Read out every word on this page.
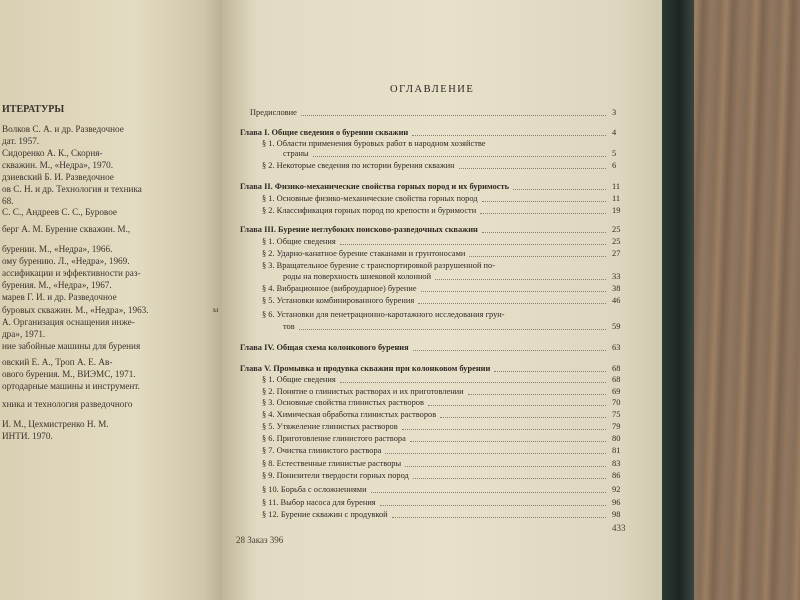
ИТЕРАТУРЫ
Волков С. А. и др. Разведочное
дат. 1957.
Сидоренко А. К., Скорня-
скважин. М., «Недра», 1970.
дзиевский Б. И. Разведочное
ов С. Н. и др. Технология и техника
68.
С. С., Андреев С. С., Буровое
берг А. М. Бурение скважин. М.,
бурении. М., «Недра», 1966.
ому бурению. Л., «Недра», 1969.
ассификации и эффективности раз-
бурения. М., «Недра», 1967.
марев Г. И. и др. Разведочное
буровых скважин. М., «Недра», 1963.
А. Организация оснащения инже-
дра», 1971.
ние забойные машины для бурения
овский Е. А., Троп А. Е. Ав-
ового бурения. М., ВИЭМС, 1971.
ортодарные машины и инструмент.
хника и технология разведочного
И. М., Цехмистренко Н. М.
ИНТИ. 1970.
ы
ОГЛАВЛЕНИЕ
Предисловие	3
Глава I. Общие сведения о бурении скважин	4
§ 1. Области применения буровых работ в народном хозяйстве
страны	5
§ 2. Некоторые сведения по истории бурения скважин	6
Глава II. Физико-механические свойства горных пород и их буримость	11
§ 1. Основные физико-механические свойства горных пород	11
§ 2. Классификация горных пород по крепости и буримости	19
Глава III. Бурение неглубоких поисково-разведочных скважин	25
§ 1. Общие сведения	25
§ 2. Ударно-канатное бурение стаканами и грунтоносами	27
§ 3. Вращательное бурение с транспортировкой разрушенной по-
роды на поверхность шнековой колонной	33
§ 4. Вибрационное (виброударное) бурение	38
§ 5. Установки комбинированного бурения	46
§ 6. Установки для пенетрационно-каротажного исследования грун-
тов	59
Глава IV. Общая схема колонкового бурения	63
Глава V. Промывка и продувка скважин при колонковом бурении	68
§ 1. Общие сведения	68
§ 2. Понятие о глинистых растворах и их приготовлении	69
§ 3. Основные свойства глинистых растворов	70
§ 4. Химическая обработка глинистых растворов	75
§ 5. Утяжеление глинистых растворов	79
§ 6. Приготовление глинистого раствора	80
§ 7. Очистка глинистого раствора	81
§ 8. Естественные глинистые растворы	83
§ 9. Понизители твердости горных пород	86
§ 10. Борьба с осложнениями	92
§ 11. Выбор насоса для бурения	96
§ 12. Бурение скважин с продувкой	98
28 Заказ 396
433
